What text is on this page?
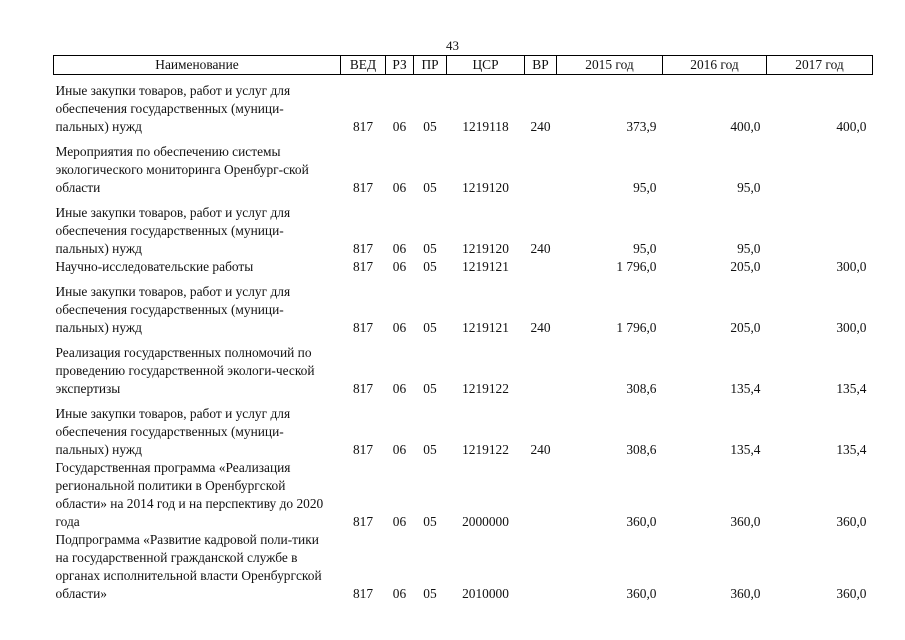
43
Наименование	ВЕД	РЗ	ПР	ЦСР	ВР	2015 год	2016 год	2017 год
Иные закупки товаров, работ и услуг для обеспечения государственных (муници-пальных) нужд	817	06	05	1219118	240	373,9	400,0	400,0
Мероприятия по обеспечению системы экологического мониторинга Оренбург-ской области	817	06	05	1219120		95,0	95,0	
Иные закупки товаров, работ и услуг для обеспечения государственных (муници-пальных) нужд	817	06	05	1219120	240	95,0	95,0	
Научно-исследовательские работы	817	06	05	1219121		1 796,0	205,0	300,0
Иные закупки товаров, работ и услуг для обеспечения государственных (муници-пальных) нужд	817	06	05	1219121	240	1 796,0	205,0	300,0
Реализация государственных полномочий по проведению государственной экологи-ческой экспертизы	817	06	05	1219122		308,6	135,4	135,4
Иные закупки товаров, работ и услуг для обеспечения государственных (муници-пальных) нужд	817	06	05	1219122	240	308,6	135,4	135,4
Государственная программа «Реализация региональной политики в Оренбургской области» на 2014 год и на перспективу до 2020 года	817	06	05	2000000		360,0	360,0	360,0
Подпрограмма «Развитие кадровой поли-тики на государственной гражданской службе в органах исполнительной власти Оренбургской области»	817	06	05	2010000		360,0	360,0	360,0
